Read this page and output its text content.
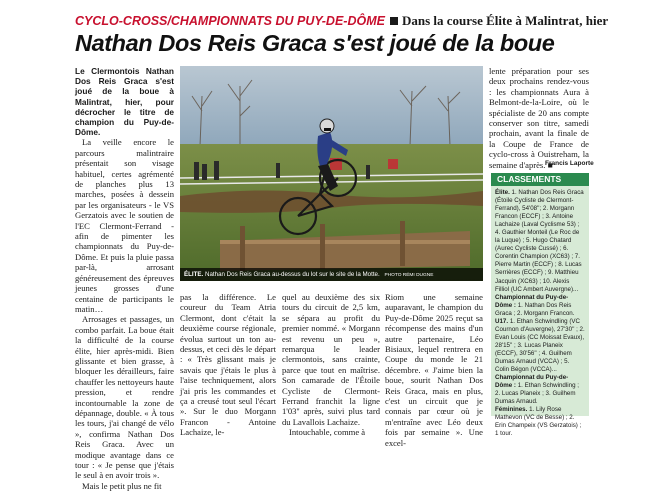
CYCLO-CROSS/CHAMPIONNATS DU PUY-DE-DÔME Dans la course Élite à Malintrat, hier
Nathan Dos Reis Graca s'est joué de la boue

Le Clermontois Nathan Dos Reis Graca s'est joué de la boue à Malintrat, hier, pour décrocher le titre de champion du Puy-de-Dôme.

La veille encore le parcours malintraire présentait son visage habituel, certes agrémenté de planches plus 13 marches, posées à dessein par les organisateurs - le VS Gerzatois avec le soutien de l'EC Clermont-Ferrand - afin de pimenter les championnats du Puy-de-Dôme. Et puis la pluie passa par-là, arrosant généreusement des épreuves jeunes grosses d'une centaine de participants le matin…

Arrosages et passages, un combo parfait. La boue était la difficulté de la course élite, hier après-midi. Bien glissante et bien grasse, à bloquer les dérailleurs, faire chauffer les nettoyeurs haute pression, et rendre incontournable la zone de dépannage, double. « À tous les tours, j'ai changé de vélo », confirma Nathan Dos Reis Graca. Avec un modique avantage dans ce tour : « Je pense que j'étais le seul à en avoir trois ».

Mais le petit plus ne fit

ÉLITE. Nathan Dos Reis Graca au-dessus du lot sur le site de la Motte. PHOTO RÉMI DUGNE

pas la différence. Le coureur du Team Atria Clermont, dont c'était la deuxième course régionale, évolua surtout un ton au-dessus, et ceci dès le départ : « Très glissant mais je savais que j'étais le plus à l'aise techniquement, alors j'ai pris les commandes et ça a creusé tout seul l'écart ». Sur le duo Morgann Francon - Antoine Lachaize, le-

quel au deuxième des six tours du circuit de 2,5 km, se sépara au profit du premier nommé. « Morgann est revenu un peu », remarqua le leader clermontois, sans crainte, parce que tout en maîtrise. Son camarade de l'Étoile Cycliste de Clermont-Ferrand franchit la ligne 1'03'' après, suivi plus tard du Lavallois Lachaize.

Intouchable, comme à

Riom une semaine auparavant, le champion du Puy-de-Dôme 2025 reçut sa récompense des mains d'un autre partenaire, Léo Bisiaux, lequel rentrera en Coupe du monde le 21 décembre. « J'aime bien la boue, sourit Nathan Dos Reis Graca, mais en plus, c'est un circuit que je connais par cœur où je m'entraîne avec Léo deux fois par semaine ». Une excel-

lente préparation pour ses deux prochains rendez-vous : les championnats Aura à Belmont-de-la-Loire, où le spécialiste de 20 ans compte conserver son titre, samedi prochain, avant la finale de la Coupe de France de cyclo-cross à Ouistreham, la semaine d'après. ■

Francis Laporte
CLASSEMENTS

Élite. 1. Nathan Dos Reis Graca (Étoile Cycliste de Clermont-Ferrand), 54'08''; 2. Morgann Francon (ECCF) ; 3. Antoine Lachaize (Laval Cyclisme 53) ; 4. Gauthier Monteil (Le Roc de la Luque) ; 5. Hugo Chatard (Aurec Cycliste Cussé) ; 6. Corentin Champion (XC63) ; 7. Pierre Martin (ECCF) ; 8. Lucas Serrières (ECCF) ; 9. Matthieu Jacquin (XC63) ; 10. Alexis Filliol (UC Ambert Auvergne)... Championnat du Puy-de-Dôme : 1. Nathan Dos Reis Graca ; 2. Morgann Francon.

U17. 1. Ethan Schwindling (VC Cournon d'Auvergne), 27'30'' ; 2. Evan Louis (CC Moissat Evaux), 28'15'' ; 3. Lucas Planeix (ECCF), 30'56'' ; 4. Guilhem Dumas Arnaud (VCCA) ; 5. Colin Bégon (VCCA)... Championnat du Puy-de-Dôme : 1. Ethan Schwindling ; 2. Lucas Planeix ; 3. Guilhem Dumas Arnaud.

Féminines. 1. Lily Rose Mathevon (VC de Besse) ; 2. Erin Champeix (VS Gerzatois) ; 1 tour.
